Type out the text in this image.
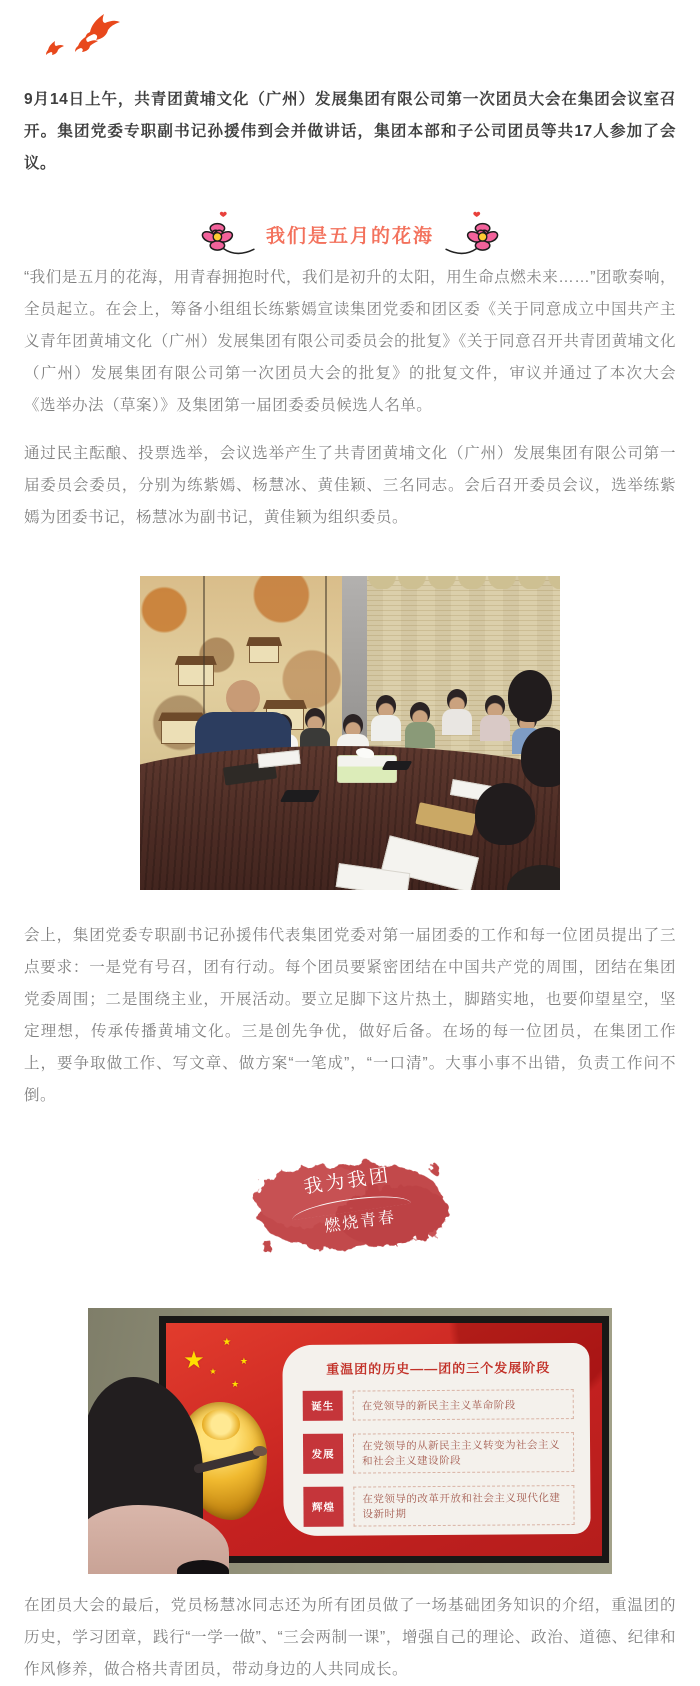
9月14日上午，共青团黄埔文化（广州）发展集团有限公司第一次团员大会在集团会议室召开。集团党委专职副书记孙援伟到会并做讲话，集团本部和子公司团员等共17人参加了会议。

我们是五月的花海

“我们是五月的花海，用青春拥抱时代，我们是初升的太阳，用生命点燃未来……”团歌奏响，全员起立。在会上，筹备小组组长练紫嫣宣读集团党委和团区委《关于同意成立中国共产主义青年团黄埔文化（广州）发展集团有限公司委员会的批复》《关于同意召开共青团黄埔文化（广州）发展集团有限公司第一次团员大会的批复》的批复文件，审议并通过了本次大会《选举办法（草案）》及集团第一届团委委员候选人名单。

通过民主酝酿、投票选举，会议选举产生了共青团黄埔文化（广州）发展集团有限公司第一届委员会委员，分别为练紫嫣、杨慧冰、黄佳颖、三名同志。会后召开委员会议，选举练紫嫣为团委书记，杨慧冰为副书记，黄佳颖为组织委员。

会上，集团党委专职副书记孙援伟代表集团党委对第一届团委的工作和每一位团员提出了三点要求：一是党有号召，团有行动。每个团员要紧密团结在中国共产党的周围，团结在集团党委周围；二是围绕主业，开展活动。要立足脚下这片热土，脚踏实地，也要仰望星空，坚定理想，传承传播黄埔文化。三是创先争优，做好后备。在场的每一位团员，在集团工作上，要争取做工作、写文章、做方案“一笔成”，“一口清”。大事小事不出错，负责工作问不倒。

我为我团
燃烧青春
★
★
★
★
★	重温团的历史——团的三个发展阶段
诞生	在党领导的新民主主义革命阶段
发展
在党领导的从新民主主义转变为社会主义和社会主义建设阶段
辉煌
在党领导的改革开放和社会主义现代化建设新时期

在团员大会的最后，党员杨慧冰同志还为所有团员做了一场基础团务知识的介绍，重温团的历史，学习团章，践行“一学一做”、“三会两制一课”，增强自己的理论、政治、道德、纪律和作风修养，做合格共青团员，带动身边的人共同成长。
